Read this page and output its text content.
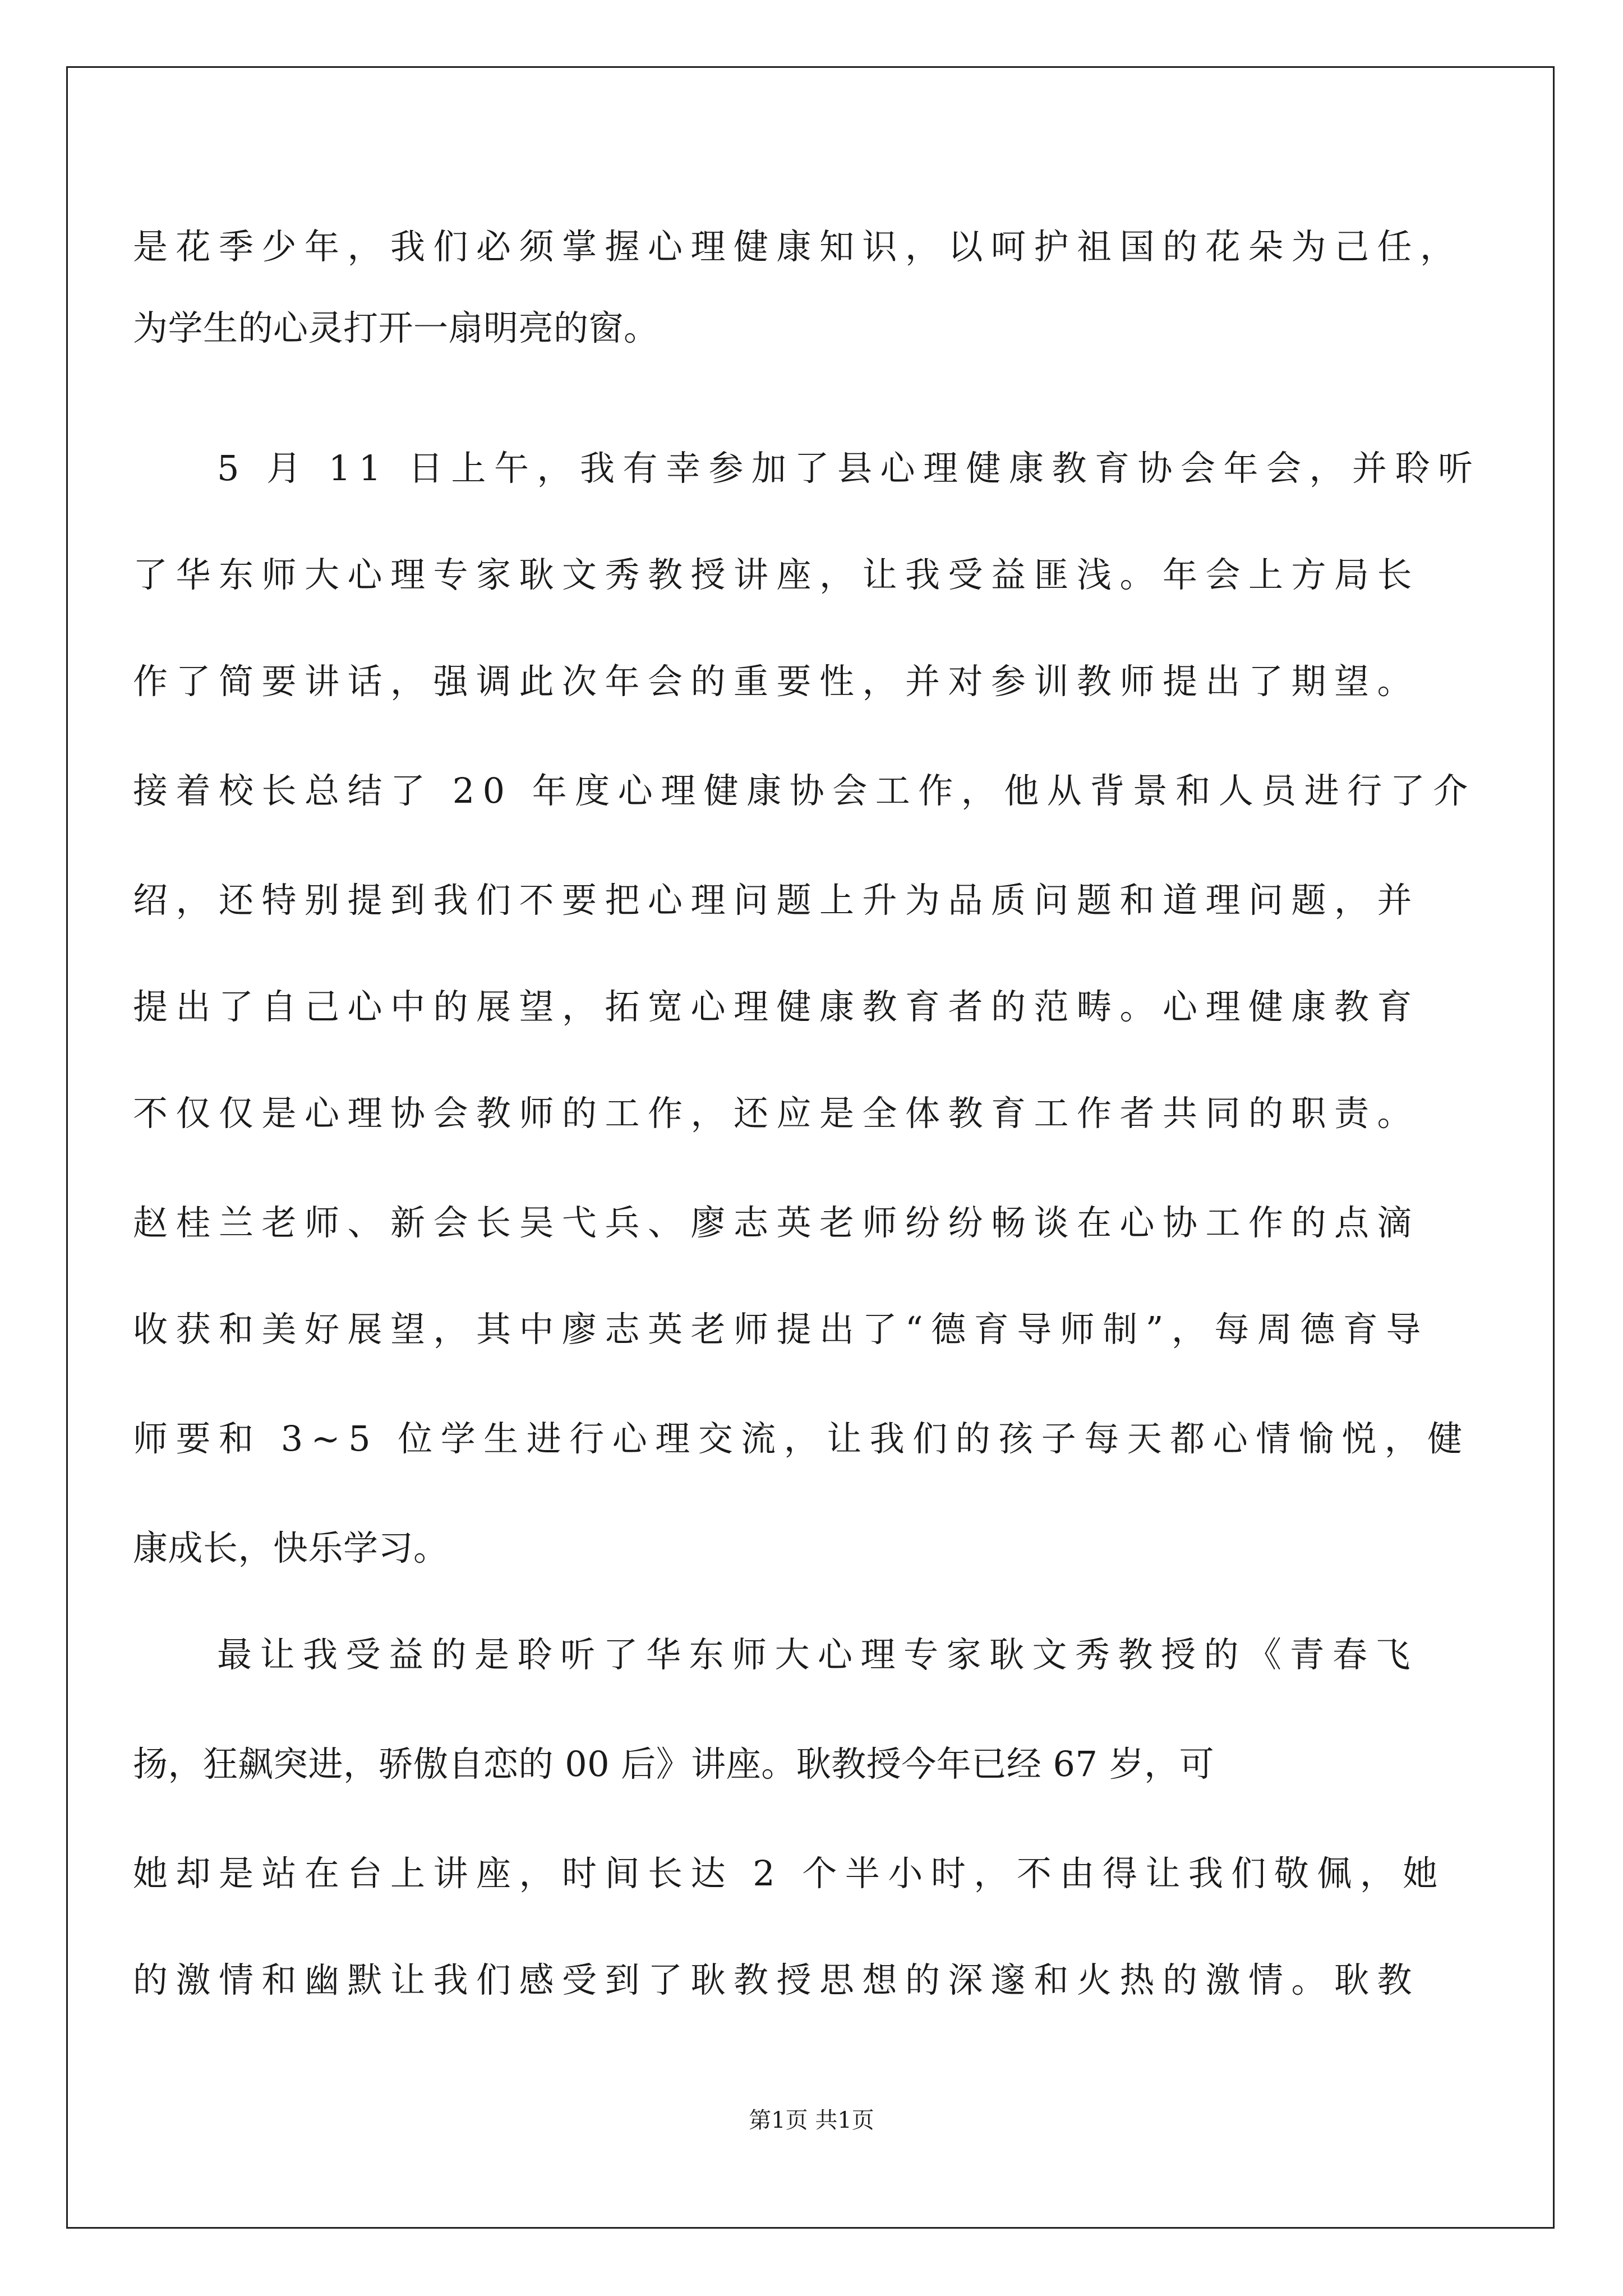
是花季少年，我们必须掌握心理健康知识，以呵护祖国的花朵为己任，
为学生的心灵打开一扇明亮的窗。
5 月 11 日上午，我有幸参加了县心理健康教育协会年会，并聆听
了华东师大心理专家耿文秀教授讲座，让我受益匪浅。年会上方局长
作了简要讲话，强调此次年会的重要性，并对参训教师提出了期望。
接着校长总结了 20 年度心理健康协会工作，他从背景和人员进行了介
绍，还特别提到我们不要把心理问题上升为品质问题和道理问题，并
提出了自己心中的展望，拓宽心理健康教育者的范畴。心理健康教育
不仅仅是心理协会教师的工作，还应是全体教育工作者共同的职责。
赵桂兰老师、新会长吴弋兵、廖志英老师纷纷畅谈在心协工作的点滴
收获和美好展望，其中廖志英老师提出了“德育导师制”，每周德育导
师要和 3~5 位学生进行心理交流，让我们的孩子每天都心情愉悦，健
康成长，快乐学习。
最让我受益的是聆听了华东师大心理专家耿文秀教授的《青春飞
扬，狂飙突进，骄傲自恋的 00 后》讲座。耿教授今年已经 67 岁，可
她却是站在台上讲座，时间长达 2 个半小时，不由得让我们敬佩，她
的激情和幽默让我们感受到了耿教授思想的深邃和火热的激情。耿教
第1页 共1页
